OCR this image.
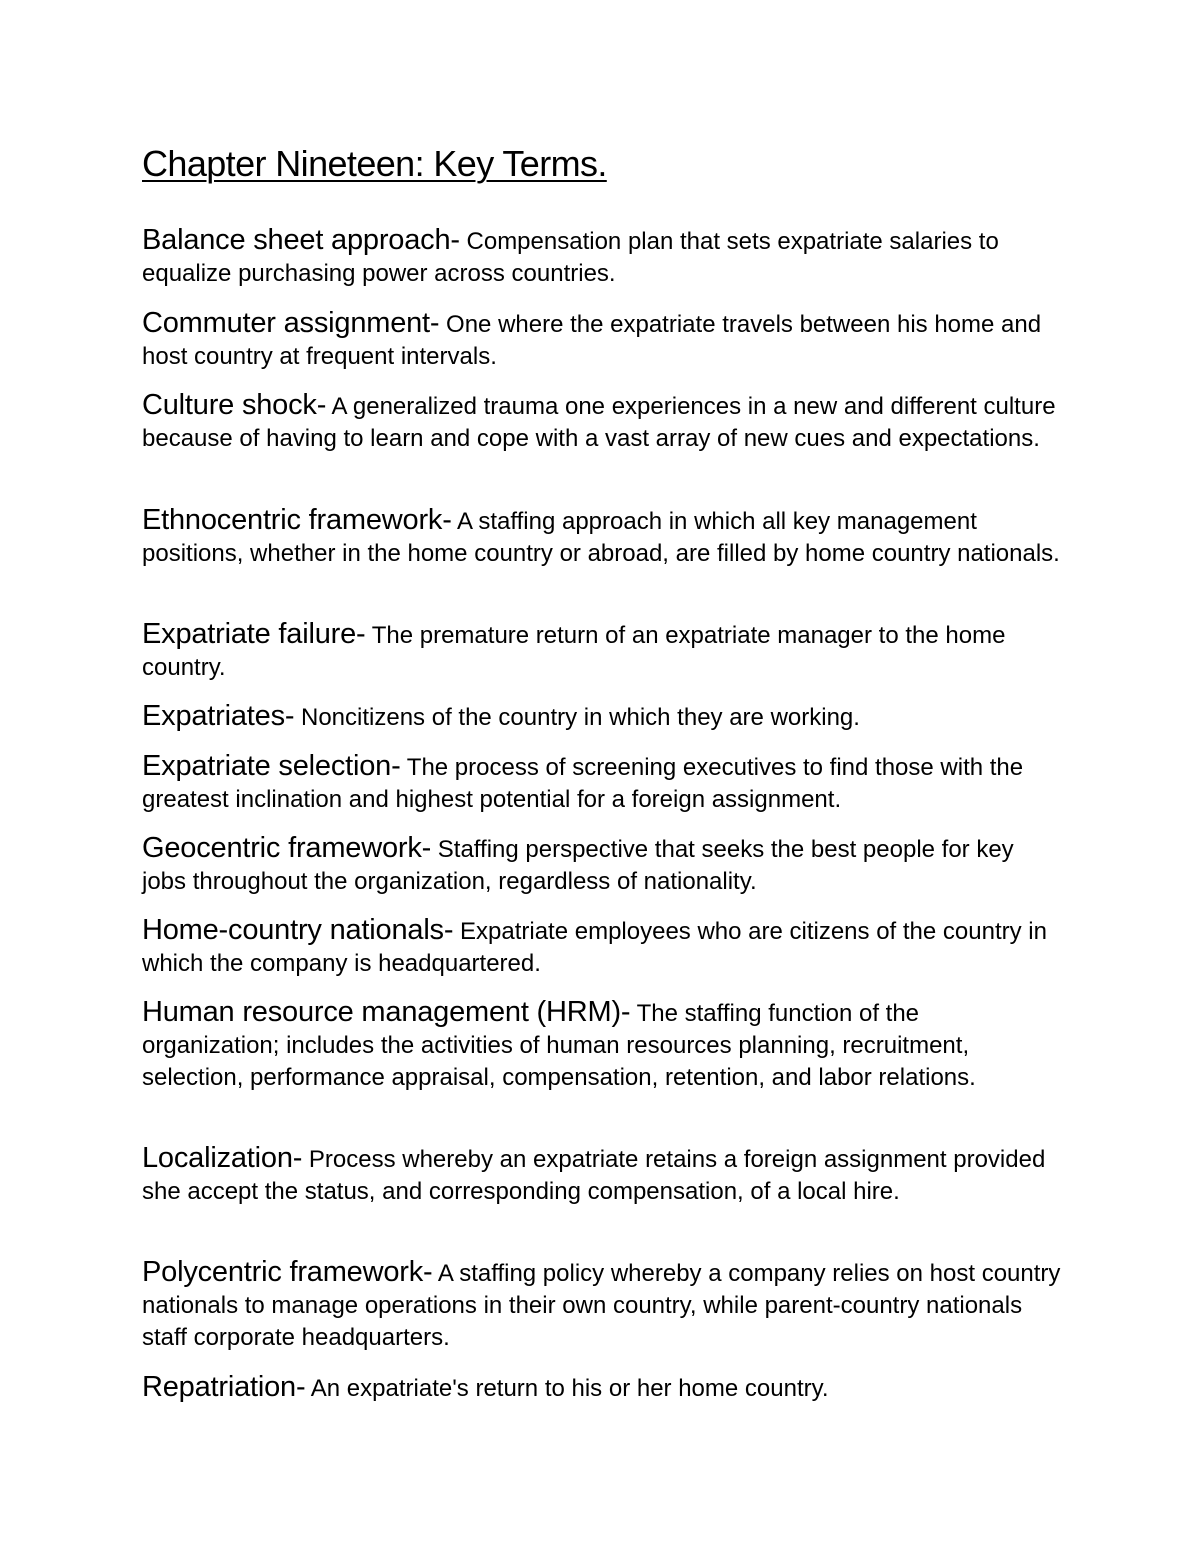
Chapter Nineteen: Key Terms.
Balance sheet approach- Compensation plan that sets expatriate salaries to equalize purchasing power across countries.
Commuter assignment- One where the expatriate travels between his home and host country at frequent intervals.
Culture shock- A generalized trauma one experiences in a new and different culture because of having to learn and cope with a vast array of new cues and expectations.
Ethnocentric framework- A staffing approach in which all key management positions, whether in the home country or abroad, are filled by home country nationals.
Expatriate failure- The premature return of an expatriate manager to the home country.
Expatriates- Noncitizens of the country in which they are working.
Expatriate selection- The process of screening executives to find those with the greatest inclination and highest potential for a foreign assignment.
Geocentric framework- Staffing perspective that seeks the best people for key jobs throughout the organization, regardless of nationality.
Home-country nationals- Expatriate employees who are citizens of the country in which the company is headquartered.
Human resource management (HRM)- The staffing function of the organization; includes the activities of human resources planning, recruitment, selection, performance appraisal, compensation, retention, and labor relations.
Localization- Process whereby an expatriate retains a foreign assignment provided she accept the status, and corresponding compensation, of a local hire.
Polycentric framework- A staffing policy whereby a company relies on host country nationals to manage operations in their own country, while parent-country nationals staff corporate headquarters.
Repatriation- An expatriate's return to his or her home country.
